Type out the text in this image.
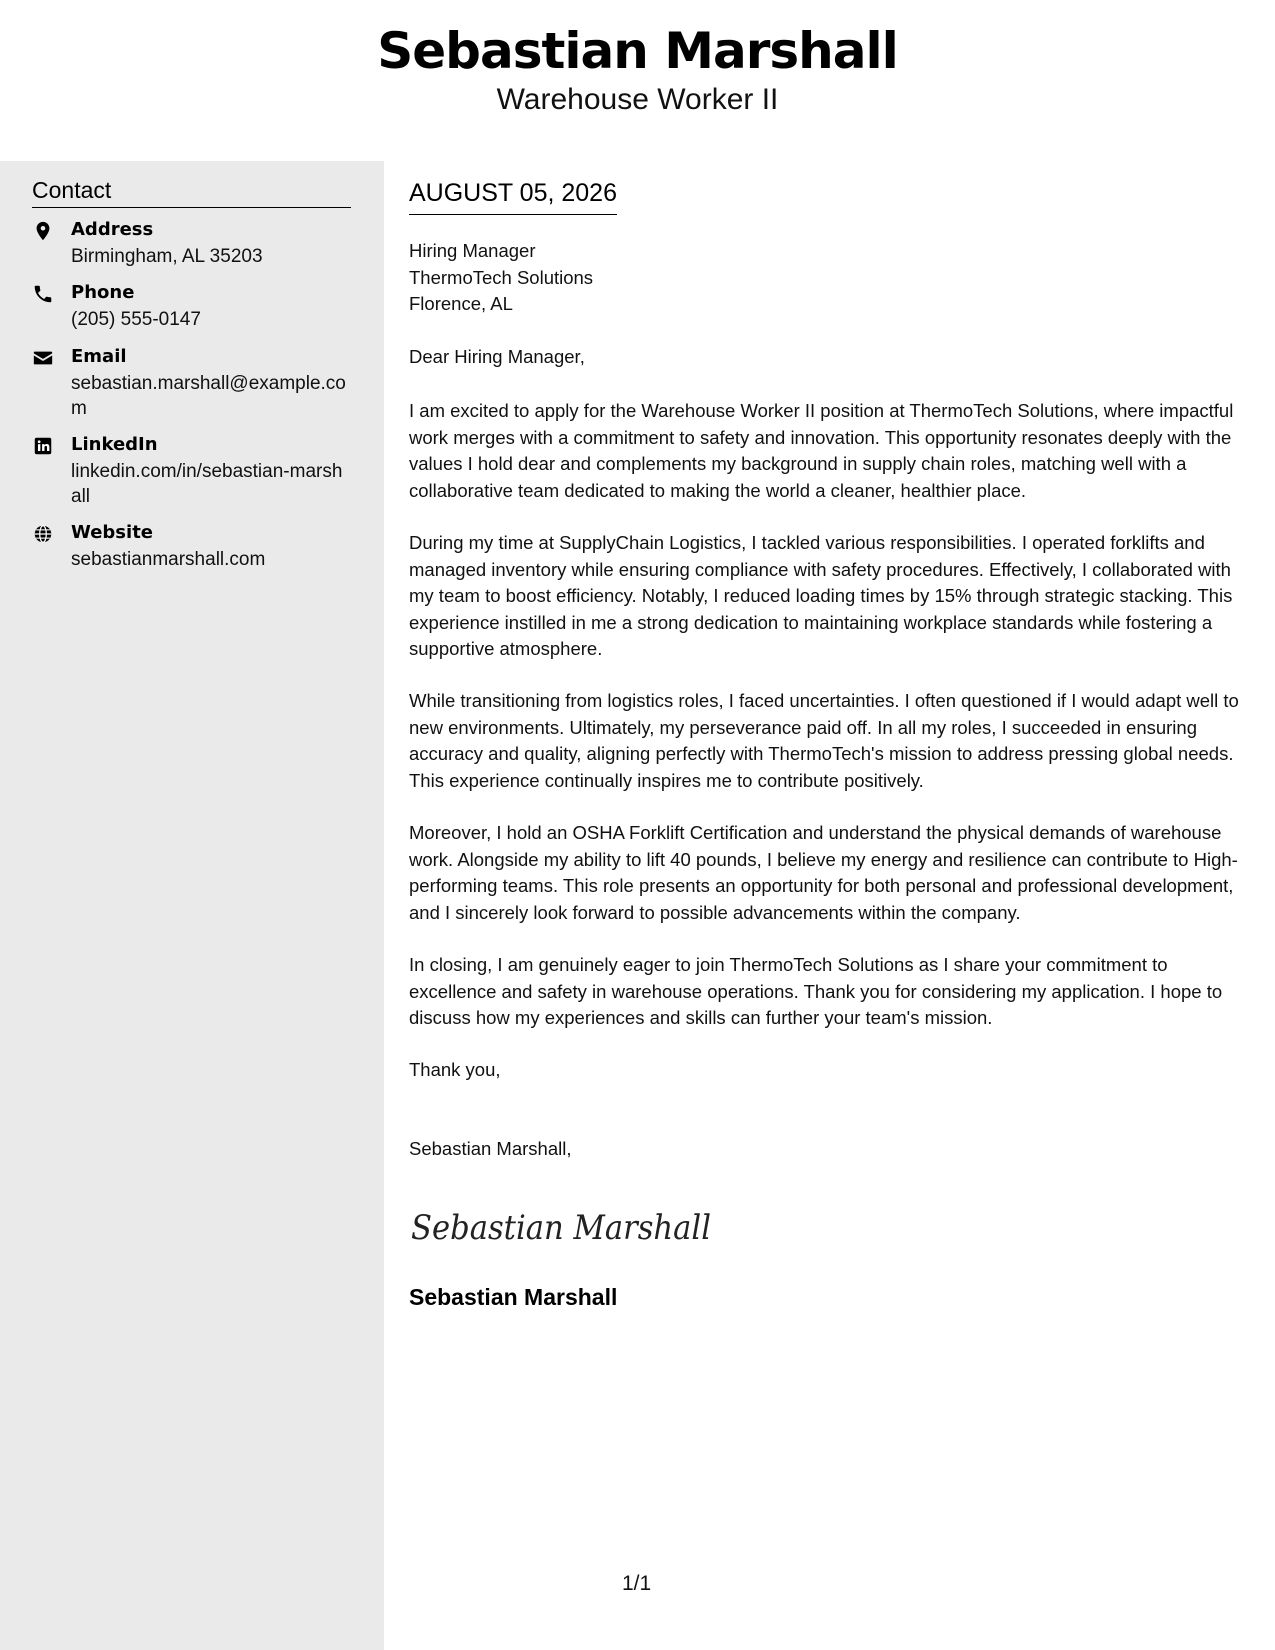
Sebastian Marshall
Warehouse Worker II
Contact
Address
Birmingham, AL 35203
Phone
(205) 555-0147
Email
sebastian.marshall@example.com
LinkedIn
linkedin.com/in/sebastian-marshall
Website
sebastianmarshall.com
AUGUST 05, 2026
Hiring Manager
ThermoTech Solutions
Florence, AL
Dear Hiring Manager,
I am excited to apply for the Warehouse Worker II position at ThermoTech Solutions, where impactful work merges with a commitment to safety and innovation. This opportunity resonates deeply with the values I hold dear and complements my background in supply chain roles, matching well with a collaborative team dedicated to making the world a cleaner, healthier place.
During my time at SupplyChain Logistics, I tackled various responsibilities. I operated forklifts and managed inventory while ensuring compliance with safety procedures. Effectively, I collaborated with my team to boost efficiency. Notably, I reduced loading times by 15% through strategic stacking. This experience instilled in me a strong dedication to maintaining workplace standards while fostering a supportive atmosphere.
While transitioning from logistics roles, I faced uncertainties. I often questioned if I would adapt well to new environments. Ultimately, my perseverance paid off. In all my roles, I succeeded in ensuring accuracy and quality, aligning perfectly with ThermoTech's mission to address pressing global needs. This experience continually inspires me to contribute positively.
Moreover, I hold an OSHA Forklift Certification and understand the physical demands of warehouse work. Alongside my ability to lift 40 pounds, I believe my energy and resilience can contribute to High-performing teams. This role presents an opportunity for both personal and professional development, and I sincerely look forward to possible advancements within the company.
In closing, I am genuinely eager to join ThermoTech Solutions as I share your commitment to excellence and safety in warehouse operations. Thank you for considering my application. I hope to discuss how my experiences and skills can further your team's mission.
Thank you,
Sebastian Marshall,
Sebastian Marshall
Sebastian Marshall
1/1
